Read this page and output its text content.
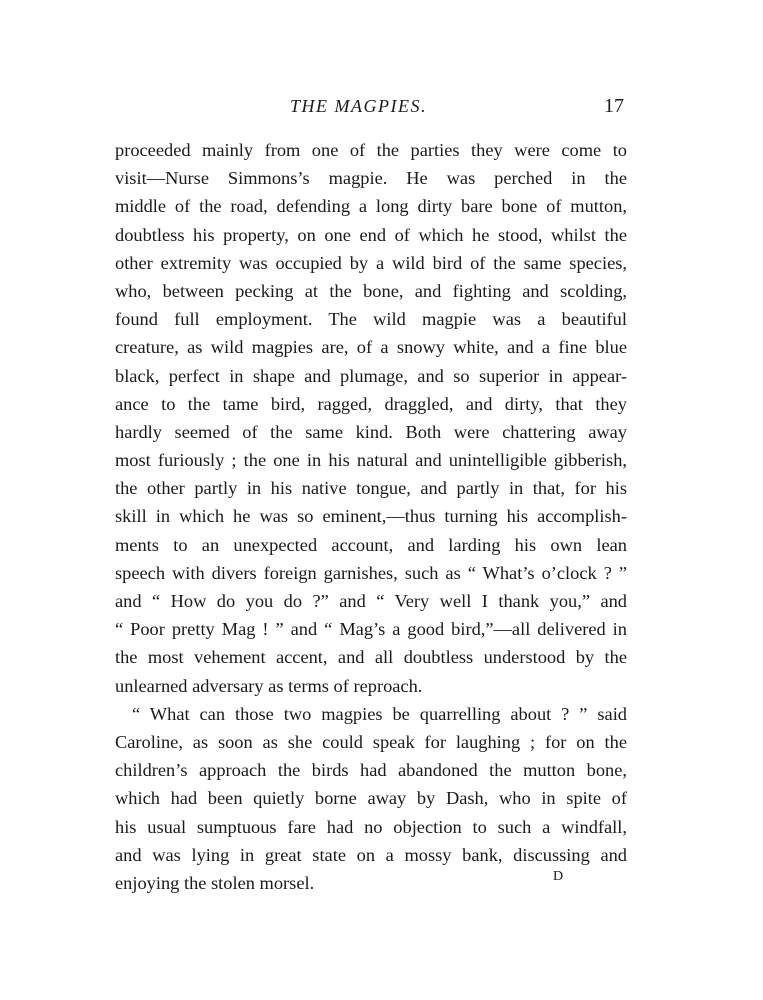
THE MAGPIES.	17
proceeded mainly from one of the parties they were come to
visit—Nurse Simmons’s magpie. He was perched in the
middle of the road, defending a long dirty bare bone of mutton,
doubtless his property, on one end of which he stood, whilst the
other extremity was occupied by a wild bird of the same species,
who, between pecking at the bone, and fighting and scolding,
found full employment. The wild magpie was a beautiful
creature, as wild magpies are, of a snowy white, and a fine blue
black, perfect in shape and plumage, and so superior in appear-
ance to the tame bird, ragged, draggled, and dirty, that they
hardly seemed of the same kind. Both were chattering away
most furiously ; the one in his natural and unintelligible gibberish,
the other partly in his native tongue, and partly in that, for his
skill in which he was so eminent,—thus turning his accomplish-
ments to an unexpected account, and larding his own lean
speech with divers foreign garnishes, such as “ What’s o’clock ? ”
and “ How do you do ?” and “ Very well I thank you,” and
“ Poor pretty Mag ! ” and “ Mag’s a good bird,”—all delivered in
the most vehement accent, and all doubtless understood by the
unlearned adversary as terms of reproach.
“ What can those two magpies be quarrelling about ? ” said
Caroline, as soon as she could speak for laughing ; for on the
children’s approach the birds had abandoned the mutton bone,
which had been quietly borne away by Dash, who in spite of
his usual sumptuous fare had no objection to such a windfall,
and was lying in great state on a mossy bank, discussing and
enjoying the stolen morsel.	D
